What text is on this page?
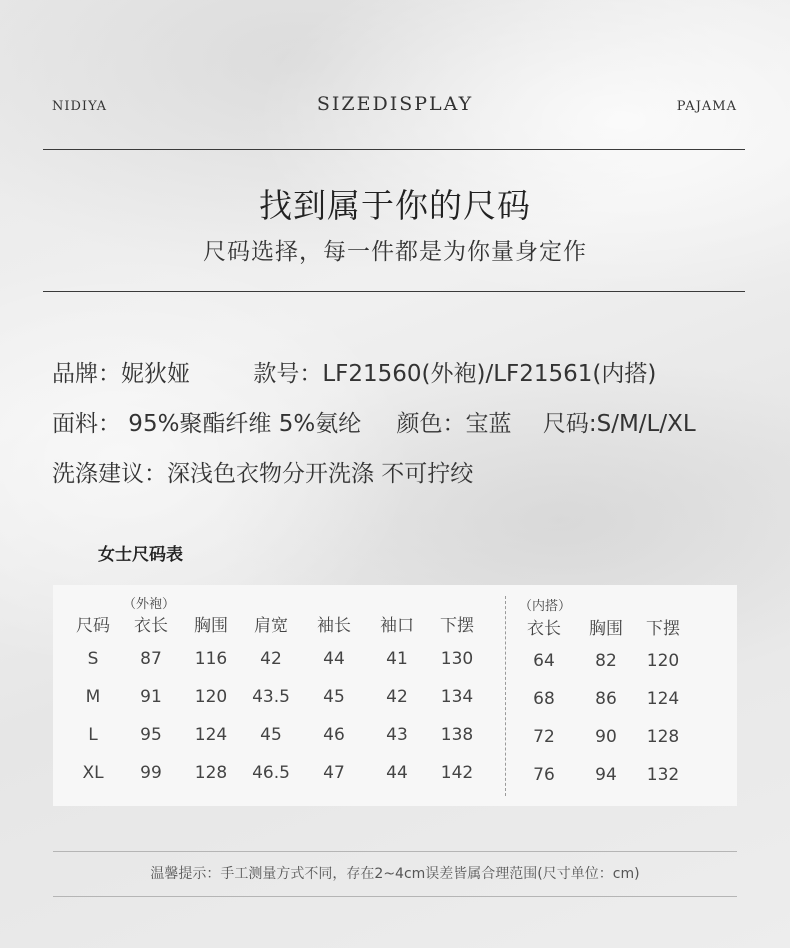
NIDIYA	SIZEDISPLAY	PAJAMA
找到属于你的尺码
尺码选择，每一件都是为你量身定作
品牌：妮狄娅	款号：LF21560(外袍)/LF21561(内搭)
面料： 95%聚酯纤维 5%氨纶 颜色：宝蓝 尺码:S/M/L/XL
洗涤建议：深浅色衣物分开洗涤 不可拧绞
女士尺码表
（外袍）	（内搭）
尺码	衣长	胸围	肩宽	袖长	袖口	下摆	衣长	胸围	下摆
S	87	116	42	44	41	130	64	82	120
M	91	120	43.5	45	42	134	68	86	124
L	95	124	45	46	43	138	72	90	128
XL	99	128	46.5	47	44	142	76	94	132
温馨提示：手工测量方式不同，存在2~4cm误差皆属合理范围(尺寸单位：cm)
